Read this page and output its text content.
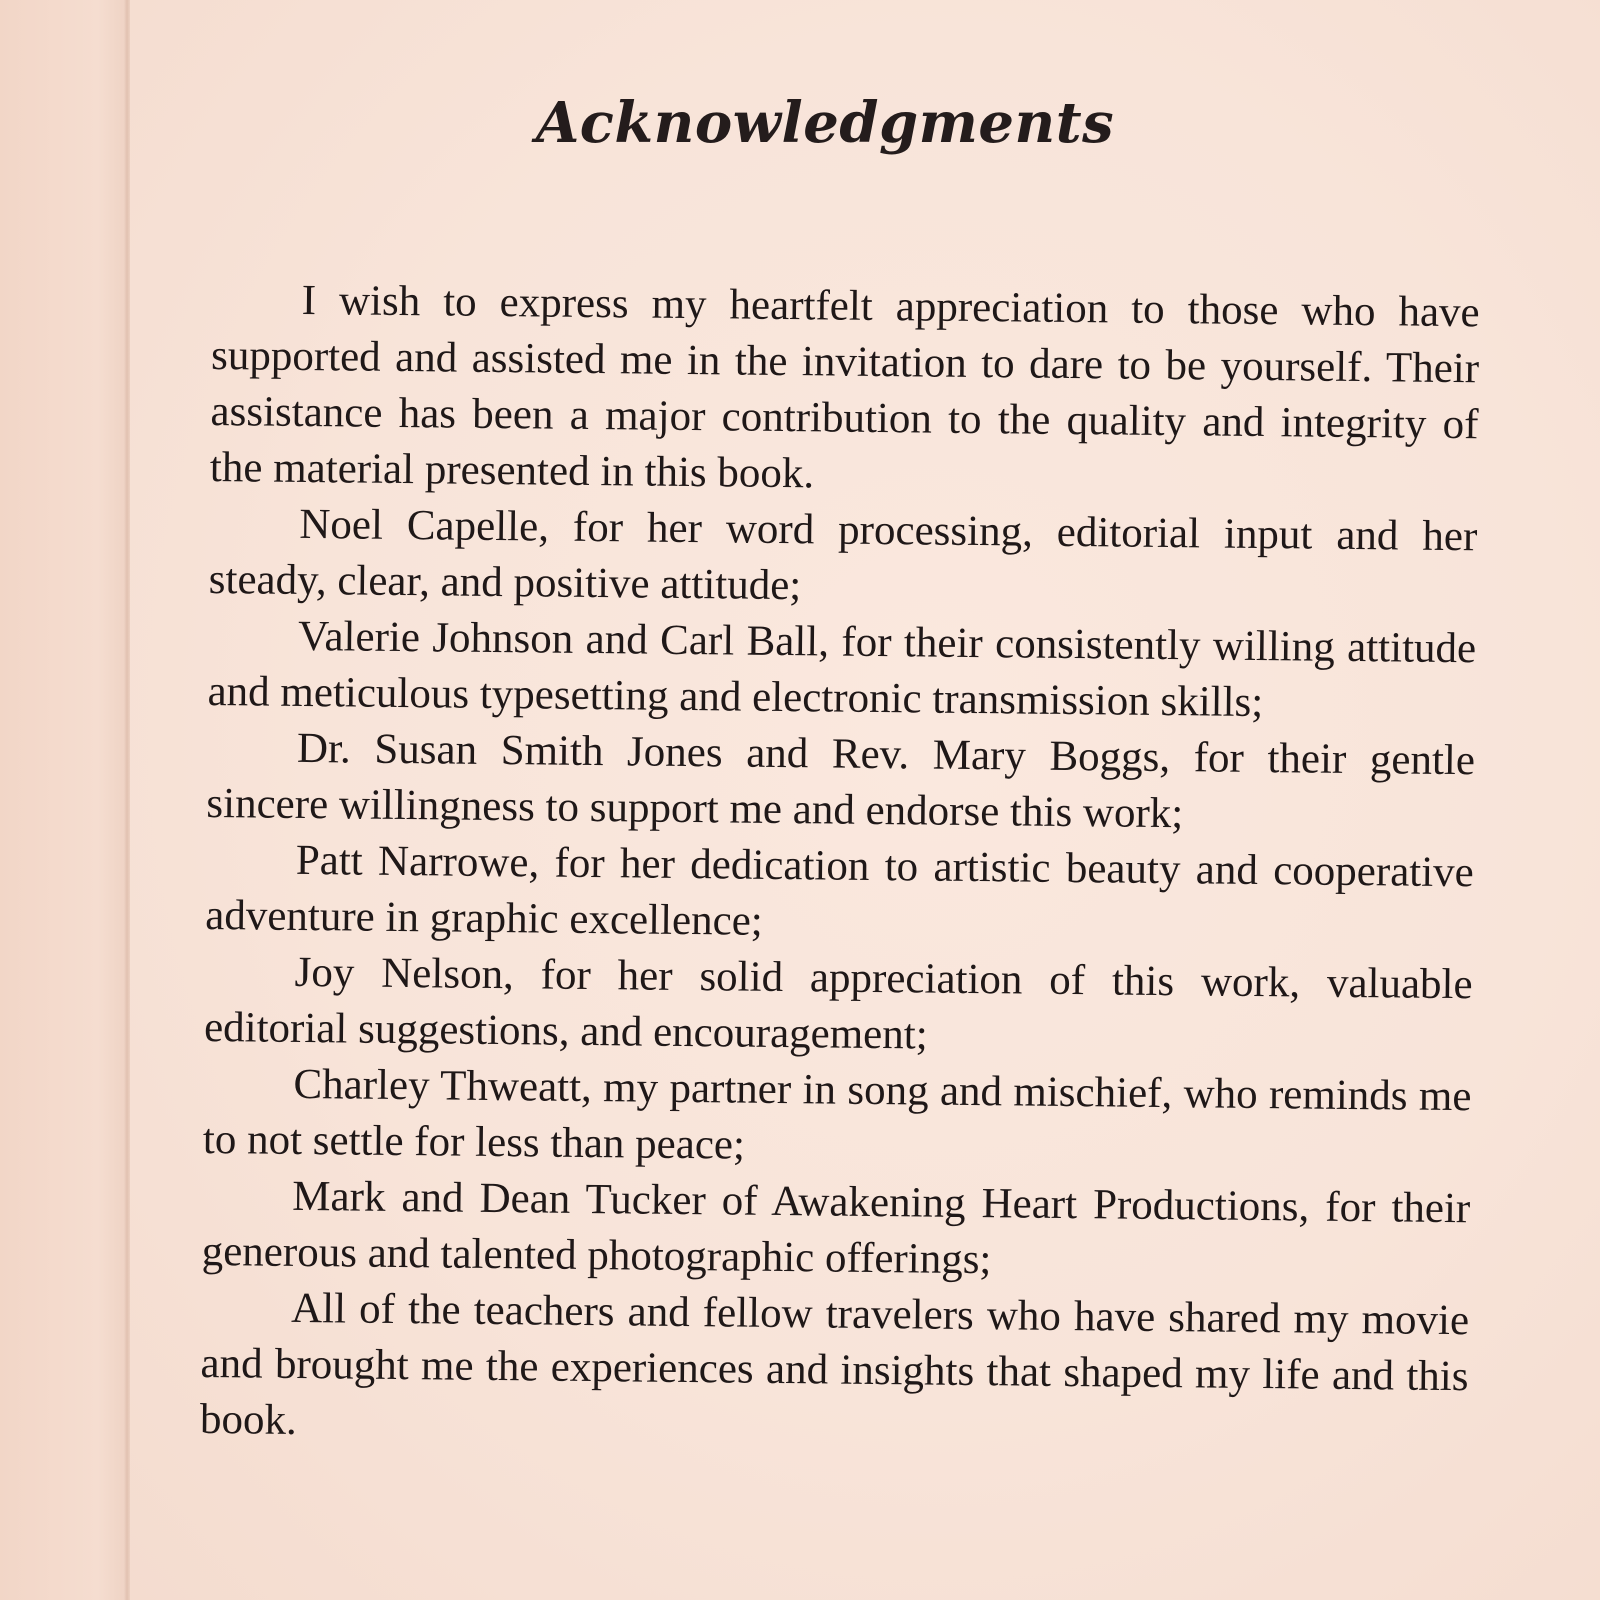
Acknowledgments

I wish to express my heartfelt appreciation to those who have supported and assisted me in the invitation to dare to be yourself. Their assistance has been a major contribution to the quality and integrity of the material presented in this book.

Noel Capelle, for her word processing, editorial input and her steady, clear, and positive attitude;

Valerie Johnson and Carl Ball, for their consistently willing attitude and meticulous typesetting and electronic transmission skills;

Dr. Susan Smith Jones and Rev. Mary Boggs, for their gentle sincere willingness to support me and endorse this work;

Patt Narrowe, for her dedication to artistic beauty and cooperative adventure in graphic excellence;

Joy Nelson, for her solid appreciation of this work, valuable editorial suggestions, and encouragement;

Charley Thweatt, my partner in song and mischief, who reminds me to not settle for less than peace;

Mark and Dean Tucker of Awakening Heart Productions, for their generous and talented photographic offerings;

All of the teachers and fellow travelers who have shared my movie and brought me the experiences and insights that shaped my life and this book.
